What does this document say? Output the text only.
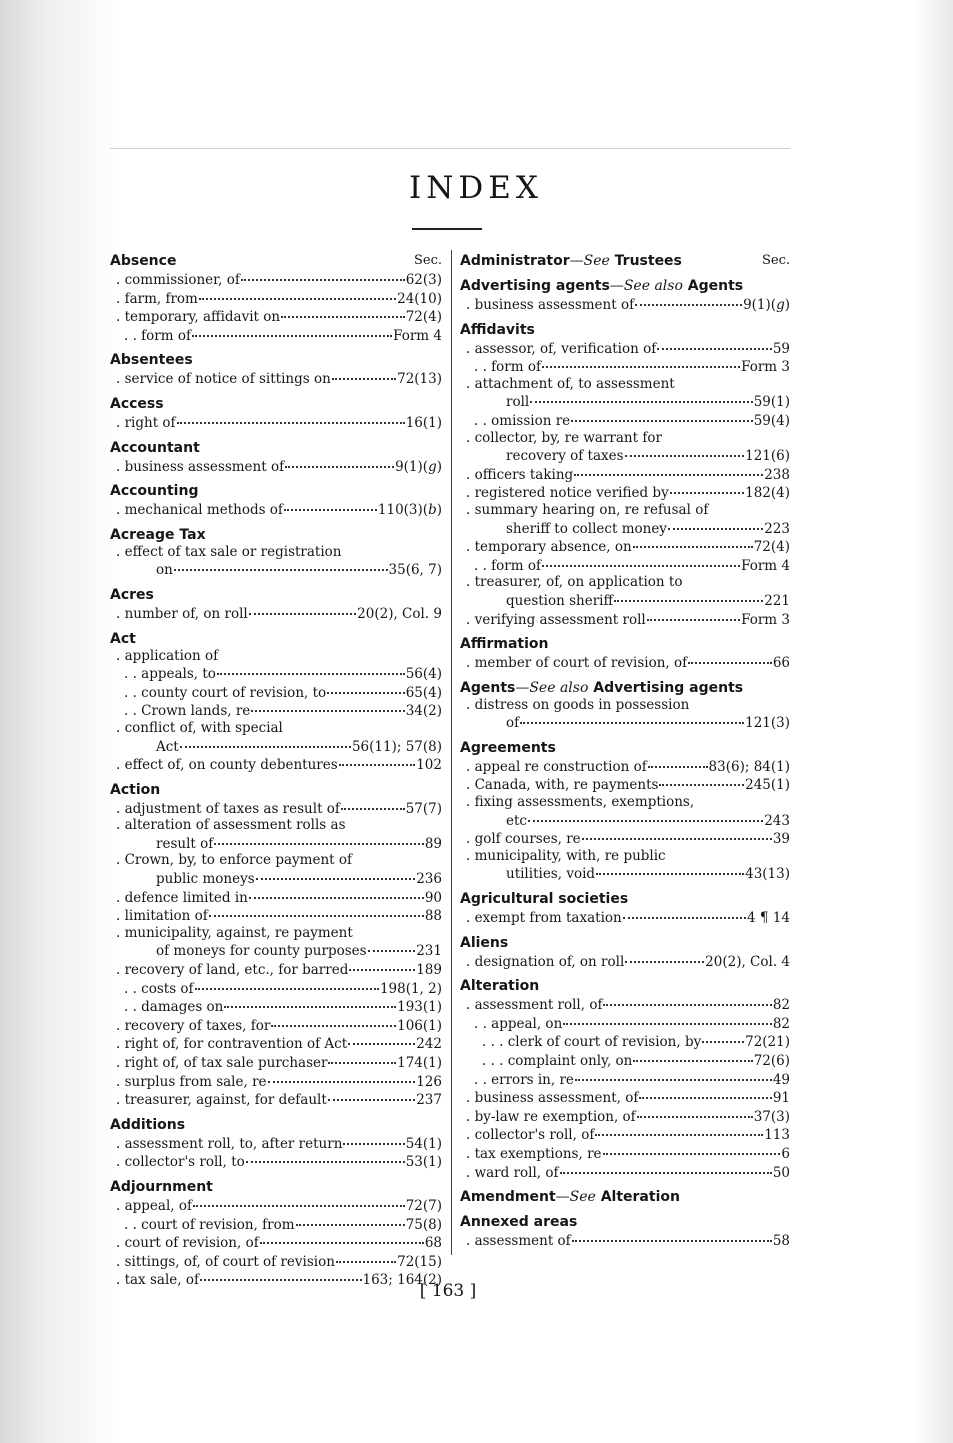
INDEX
Absence	Sec.
. commissioner, of	62(3)
. farm, from	24(10)
. temporary, affidavit on	72(4)
. . form of	Form 4
Absentees
. service of notice of sittings on	72(13)
Access
. right of	16(1)
Accountant
. business assessment of	9(1)(g)
Accounting
. mechanical methods of	110(3)(b)
Acreage Tax
. effect of tax sale or registration
on	35(6, 7)
Acres
. number of, on roll	20(2), Col. 9
Act
. application of
. . appeals, to	56(4)
. . county court of revision, to	65(4)
. . Crown lands, re	34(2)
. conflict of, with special
Act	56(11); 57(8)
. effect of, on county debentures	102
Action
. adjustment of taxes as result of	57(7)
. alteration of assessment rolls as
result of	89
. Crown, by, to enforce payment of
public moneys	236
. defence limited in	90
. limitation of	88
. municipality, against, re payment
of moneys for county purposes	231
. recovery of land, etc., for barred	189
. . costs of	198(1, 2)
. . damages on	193(1)
. recovery of taxes, for	106(1)
. right of, for contravention of Act	242
. right of, of tax sale purchaser	174(1)
. surplus from sale, re	126
. treasurer, against, for default	237
Additions
. assessment roll, to, after return	54(1)
. collector's roll, to	53(1)
Adjournment
. appeal, of	72(7)
. . court of revision, from	75(8)
. court of revision, of	68
. sittings, of, of court of revision	72(15)
. tax sale, of	163; 164(2)
Administrator—See Trustees	Sec.
Advertising agents—See also Agents
. business assessment of	9(1)(g)
Affidavits
. assessor, of, verification of	59
. . form of	Form 3
. attachment of, to assessment
roll	59(1)
. . omission re	59(4)
. collector, by, re warrant for
recovery of taxes	121(6)
. officers taking	238
. registered notice verified by	182(4)
. summary hearing on, re refusal of
sheriff to collect money	223
. temporary absence, on	72(4)
. . form of	Form 4
. treasurer, of, on application to
question sheriff	221
. verifying assessment roll	Form 3
Affirmation
. member of court of revision, of	66
Agents—See also Advertising agents
. distress on goods in possession
of	121(3)
Agreements
. appeal re construction of	83(6); 84(1)
. Canada, with, re payments	245(1)
. fixing assessments, exemptions,
etc	243
. golf courses, re	39
. municipality, with, re public
utilities, void	43(13)
Agricultural societies
. exempt from taxation	4 ¶ 14
Aliens
. designation of, on roll	20(2), Col. 4
Alteration
. assessment roll, of	82
. . appeal, on	82
. . . clerk of court of revision, by	72(21)
. . . complaint only, on	72(6)
. . errors in, re	49
. business assessment, of	91
. by-law re exemption, of	37(3)
. collector's roll, of	113
. tax exemptions, re	6
. ward roll, of	50
Amendment—See Alteration
Annexed areas
. assessment of	58
[ 163 ]
